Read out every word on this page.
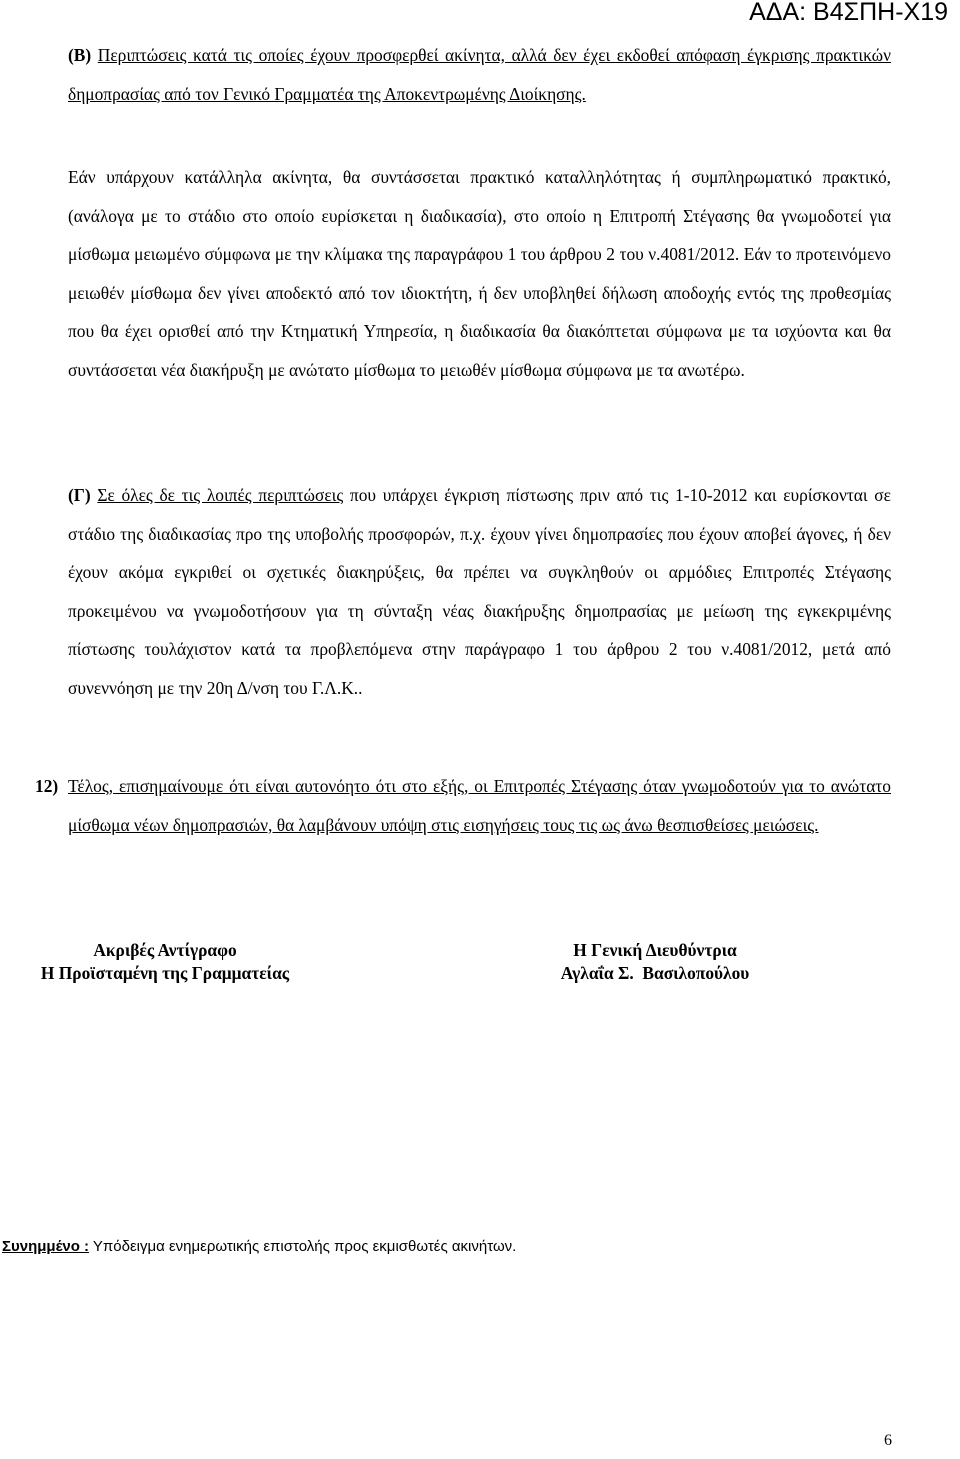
ΑΔΑ: Β4ΣΠΗ-Χ19
(Β) Περιπτώσεις κατά τις οποίες έχουν προσφερθεί ακίνητα, αλλά δεν έχει εκδοθεί απόφαση έγκρισης πρακτικών δημοπρασίας από τον Γενικό Γραμματέα της Αποκεντρωμένης Διοίκησης.
Εάν υπάρχουν κατάλληλα ακίνητα, θα συντάσσεται πρακτικό καταλληλότητας ή συμπληρωματικό πρακτικό, (ανάλογα με το στάδιο στο οποίο ευρίσκεται η διαδικασία), στο οποίο η Επιτροπή Στέγασης θα γνωμοδοτεί για μίσθωμα μειωμένο σύμφωνα με την κλίμακα της παραγράφου 1 του άρθρου 2 του ν.4081/2012. Εάν το προτεινόμενο μειωθέν μίσθωμα δεν γίνει αποδεκτό από τον ιδιοκτήτη, ή δεν υποβληθεί δήλωση αποδοχής εντός της προθεσμίας που θα έχει ορισθεί από την Κτηματική Υπηρεσία, η διαδικασία θα διακόπτεται σύμφωνα με τα ισχύοντα και θα συντάσσεται νέα διακήρυξη με ανώτατο μίσθωμα το μειωθέν μίσθωμα σύμφωνα με τα ανωτέρω.
(Γ) Σε όλες δε τις λοιπές περιπτώσεις που υπάρχει έγκριση πίστωσης πριν από τις 1-10-2012 και ευρίσκονται σε στάδιο της διαδικασίας προ της υποβολής προσφορών, π.χ. έχουν γίνει δημοπρασίες που έχουν αποβεί άγονες, ή δεν έχουν ακόμα εγκριθεί οι σχετικές διακηρύξεις, θα πρέπει να συγκληθούν οι αρμόδιες Επιτροπές Στέγασης προκειμένου να γνωμοδοτήσουν για τη σύνταξη νέας διακήρυξης δημοπρασίας με μείωση της εγκεκριμένης πίστωσης τουλάχιστον κατά τα προβλεπόμενα στην παράγραφο 1 του άρθρου 2 του ν.4081/2012, μετά από συνεννόηση με την 20η Δ/νση του Γ.Λ.Κ..
12) Τέλος, επισημαίνουμε ότι είναι αυτονόητο ότι στο εξής, οι Επιτροπές Στέγασης όταν γνωμοδοτούν για το ανώτατο μίσθωμα νέων δημοπρασιών, θα λαμβάνουν υπόψη στις εισηγήσεις τους τις ως άνω θεσπισθείσες μειώσεις.
Ακριβές Αντίγραφο
Η Προϊσταμένη της Γραμματείας
Η Γενική Διευθύντρια
Αγλαΐα Σ.  Βασιλοπούλου
Συνημμένο : Υπόδειγμα ενημερωτικής επιστολής προς εκμισθωτές ακινήτων.
6
